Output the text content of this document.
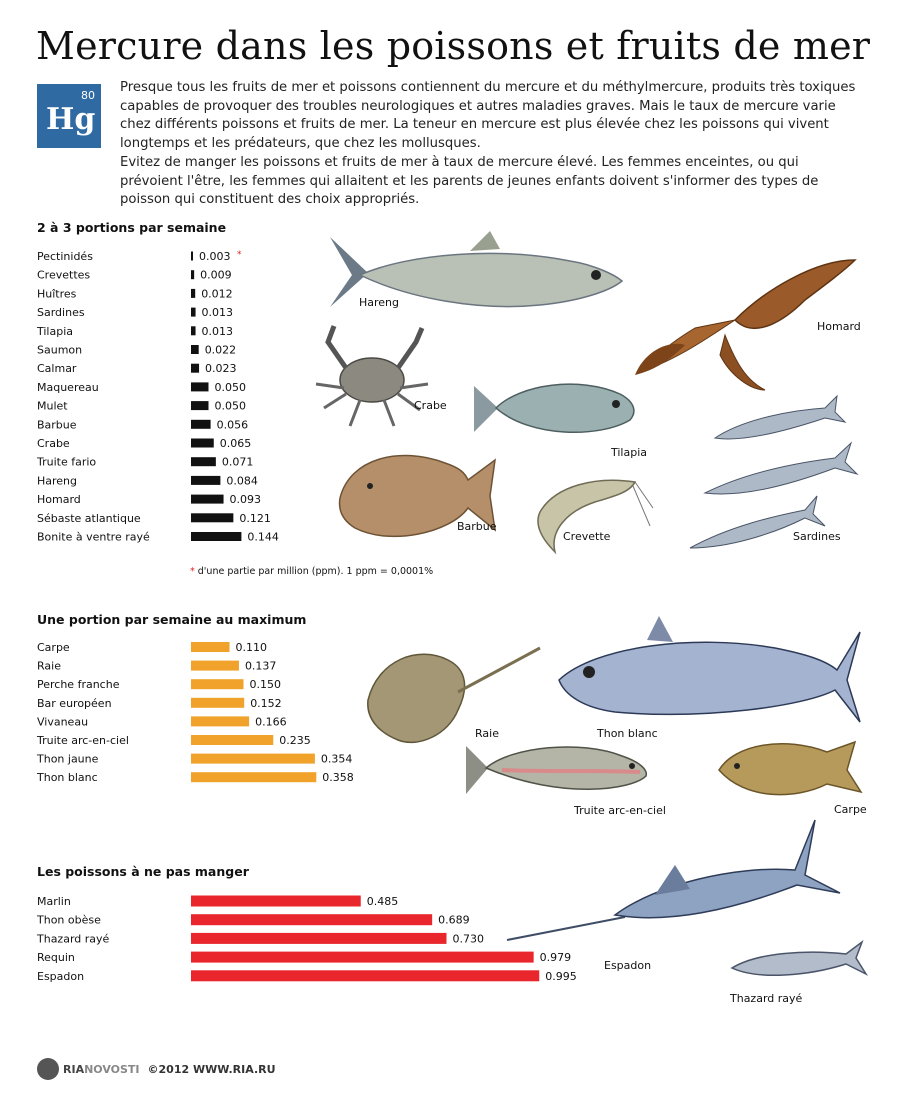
Mercure dans les poissons et fruits de mer
80
Hg

Presque tous les fruits de mer et poissons contiennent du mercure et du méthylmercure, produits très toxiques capables de provoquer des troubles neurologiques et autres maladies graves. Mais le taux de mercure varie chez différents poissons et fruits de mer. La teneur en mercure est plus élevée chez les poissons qui vivent longtemps et les prédateurs, que chez les mollusques.

Evitez de manger les poissons et fruits de mer à taux de mercure élevé. Les femmes enceintes, ou qui prévoient l'être, les femmes qui allaitent et les parents de jeunes enfants doivent s'informer des types de poisson qui constituent des choix appropriés.

2 à 3 portions par semaine
Une portion par semaine au maximum
Les poissons à ne pas manger
Pectinidés	0.003 *
Crevettes	0.009
Huîtres	0.012
Sardines	0.013
Tilapia	0.013
Saumon	0.022
Calmar	0.023
Maquereau	0.050
Mulet	0.050
Barbue	0.056
Crabe	0.065
Truite fario	0.071
Hareng	0.084
Homard	0.093
Sébaste atlantique	0.121
Bonite à ventre rayé	0.144
Carpe	0.110
Raie	0.137
Perche franche	0.150
Bar européen	0.152
Vivaneau	0.166
Truite arc-en-ciel	0.235
Thon jaune	0.354
Thon blanc	0.358
Marlin	0.485
Thon obèse	0.689
Thazard rayé	0.730
Requin	0.979
Espadon	0.995
* d'une partie par million (ppm). 1 ppm = 0,0001%
Hareng
Homard
Crabe
Tilapia
Barbue
Crevette	Sardines
Raie	Thon blanc
Truite arc-en-ciel	Carpe
Espadon
Thazard rayé
RIANOVOSTI ©2012 WWW.RIA.RU
